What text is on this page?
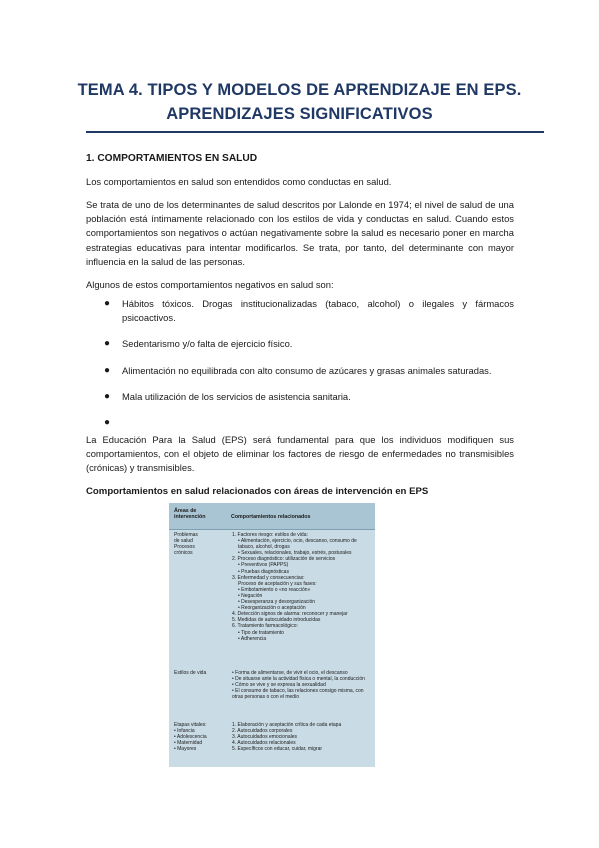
TEMA 4. TIPOS Y MODELOS DE APRENDIZAJE EN EPS.
APRENDIZAJES SIGNIFICATIVOS
1. COMPORTAMIENTOS EN SALUD
Los comportamientos en salud son entendidos como conductas en salud.
Se trata de uno de los determinantes de salud descritos por Lalonde en 1974; el nivel de salud de una población está íntimamente relacionado con los estilos de vida y conductas en salud. Cuando estos comportamientos son negativos o actúan negativamente sobre la salud es necesario poner en marcha estrategias educativas para intentar modificarlos. Se trata, por tanto, del determinante con mayor influencia en la salud de las personas.
Algunos de estos comportamientos negativos en salud son:
● Hábitos tóxicos. Drogas institucionalizadas (tabaco, alcohol) o ilegales y fármacos psicoactivos.
● Sedentarismo y/o falta de ejercicio físico.
● Alimentación no equilibrada con alto consumo de azúcares y grasas animales saturadas.
● Mala utilización de los servicios de asistencia sanitaria.
●
La Educación Para la Salud (EPS) será fundamental para que los individuos modifiquen sus comportamientos, con el objeto de eliminar los factores de riesgo de enfermedades no transmisibles (crónicas) y transmisibles.
Comportamientos en salud relacionados con áreas de intervención en EPS
Áreas de intervención	Comportamientos relacionados
Problemas
de salud
Procesos
crónicos
1. Factores riesgo: estilos de vida:
• Alimentación, ejercicio, ocio, descanso, consumo de tabaco, alcohol, drogas
• Sexuales, relacionales, trabajo, estrés, posturales
2. Proceso diagnóstico: utilización de servicios
• Preventivos (PAPPS)
• Pruebas diagnósticas
3. Enfermedad y consecuencias:
Proceso de aceptación y sus fases:
• Embotamiento o «no reacción»
• Negación
• Desesperanza y desorganización
• Reorganización o aceptación
4. Detección signos de alarma: reconocer y manejar
5. Medidas de autocuidado introducidas
6. Tratamiento farmacológico:
• Tipo de tratamiento
• Adherencia
Estilos de vida	• Forma de alimentarse, de vivir el ocio, el descanso
• De situarse ante la actividad física o mental, la conducción
• Cómo se vive y se expresa la sexualidad
• El consumo de tabaco, las relaciones consigo misma, con otras personas o con el medio
Etapas vitales:
• Infancia
• Adolescencia
• Maternidad
• Mayores
1. Elaboración y aceptación crítica de cada etapa
2. Autocuidados corporales
3. Autocuidados emocionales
4. Autocuidados relacionales
5. Específicos con educar, cuidar, migrar
